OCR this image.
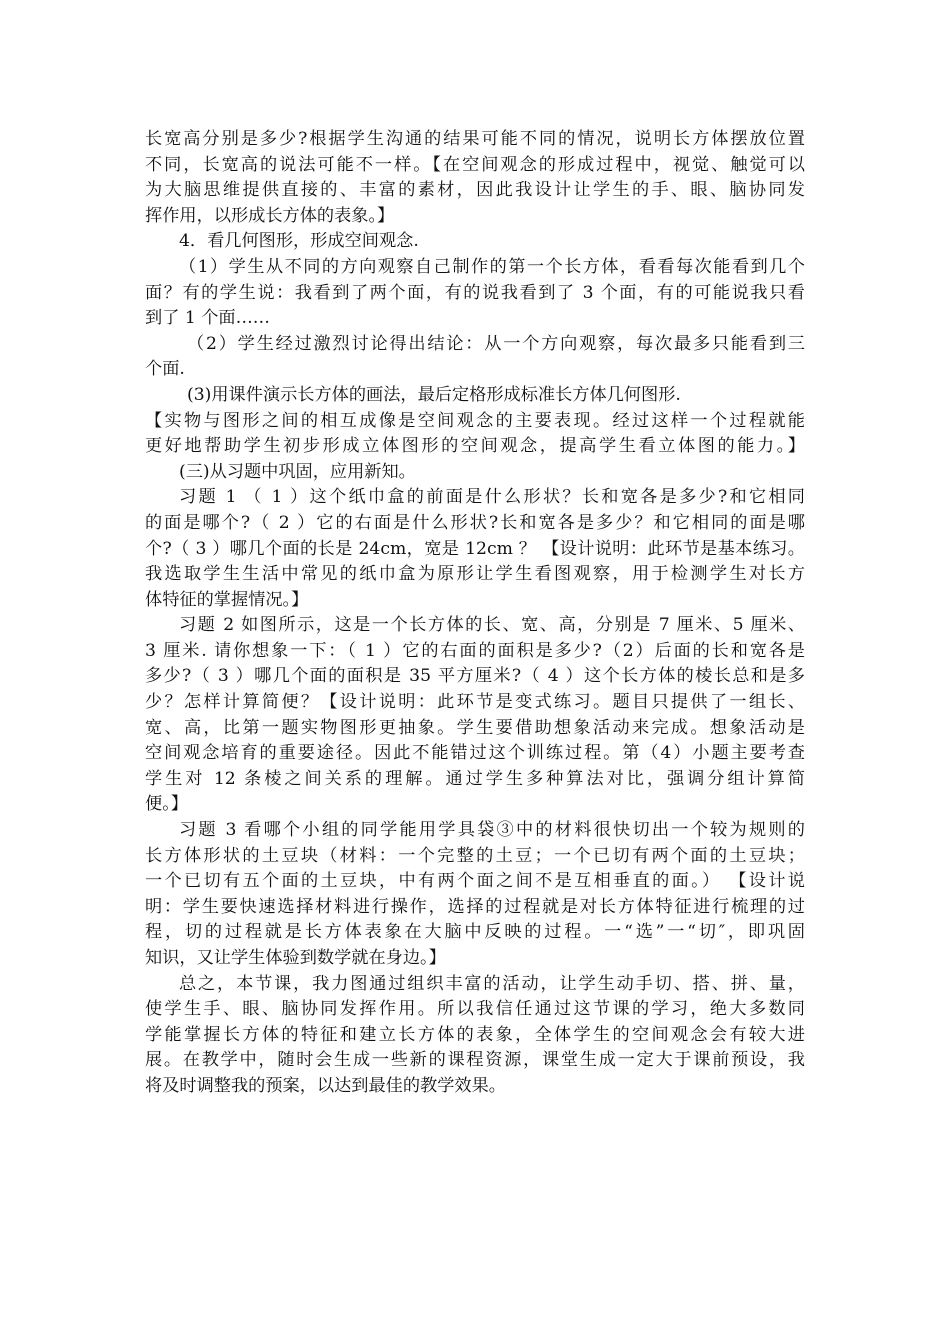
长宽高分别是多少?根据学生沟通的结果可能不同的情况，说明长方体摆放位置
不同，长宽高的说法可能不一样。【在空间观念的形成过程中，视觉、触觉可以
为大脑思维提供直接的、丰富的素材，因此我设计让学生的手、眼、脑协同发
挥作用，以形成长方体的表象。】
4．看几何图形，形成空间观念.
（1）学生从不同的方向观察自己制作的第一个长方体，看看每次能看到几个
面？有的学生说：我看到了两个面，有的说我看到了 3 个面，有的可能说我只看
到了 1 个面……
（2）学生经过激烈讨论得出结论：从一个方向观察，每次最多只能看到三
个面.
(3)用课件演示长方体的画法，最后定格形成标准长方体几何图形.
【实物与图形之间的相互成像是空间观念的主要表现。经过这样一个过程就能
更好地帮助学生初步形成立体图形的空间观念，提高学生看立体图的能力。】
(三)从习题中巩固，应用新知。
习题 1 （ 1 ）这个纸巾盒的前面是什么形状？长和宽各是多少?和它相同
的面是哪个?（ 2 ）它的右面是什么形状?长和宽各是多少？和它相同的面是哪
个?（ 3 ）哪几个面的长是 24cm，宽是 12cm ？ 【设计说明：此环节是基本练习。
我选取学生生活中常见的纸巾盒为原形让学生看图观察，用于检测学生对长方
体特征的掌握情况。】
习题 2 如图所示，这是一个长方体的长、宽、高，分别是 7 厘米、5 厘米、
3 厘米. 请你想象一下：（ 1 ）它的右面的面积是多少?（2）后面的长和宽各是
多少?（ 3 ）哪几个面的面积是 35 平方厘米?（ 4 ）这个长方体的棱长总和是多
少？怎样计算简便？【设计说明：此环节是变式练习。题目只提供了一组长、
宽、高，比第一题实物图形更抽象。学生要借助想象活动来完成。想象活动是
空间观念培育的重要途径。因此不能错过这个训练过程。第（4）小题主要考查
学生对 12 条棱之间关系的理解。通过学生多种算法对比，强调分组计算简
便。】
习题 3 看哪个小组的同学能用学具袋③中的材料很快切出一个较为规则的
长方体形状的土豆块（材料：一个完整的土豆；一个已切有两个面的土豆块；
一个已切有五个面的土豆块，中有两个面之间不是互相垂直的面。） 【设计说
明：学生要快速选择材料进行操作，选择的过程就是对长方体特征进行梳理的过
程，切的过程就是长方体表象在大脑中反映的过程。一“选”一“切″，即巩固
知识，又让学生体验到数学就在身边。】
总之，本节课，我力图通过组织丰富的活动，让学生动手切、搭、拼、量，
使学生手、眼、脑协同发挥作用。所以我信任通过这节课的学习，绝大多数同
学能掌握长方体的特征和建立长方体的表象，全体学生的空间观念会有较大进
展。在教学中，随时会生成一些新的课程资源，课堂生成一定大于课前预设，我
将及时调整我的预案，以达到最佳的教学效果。
